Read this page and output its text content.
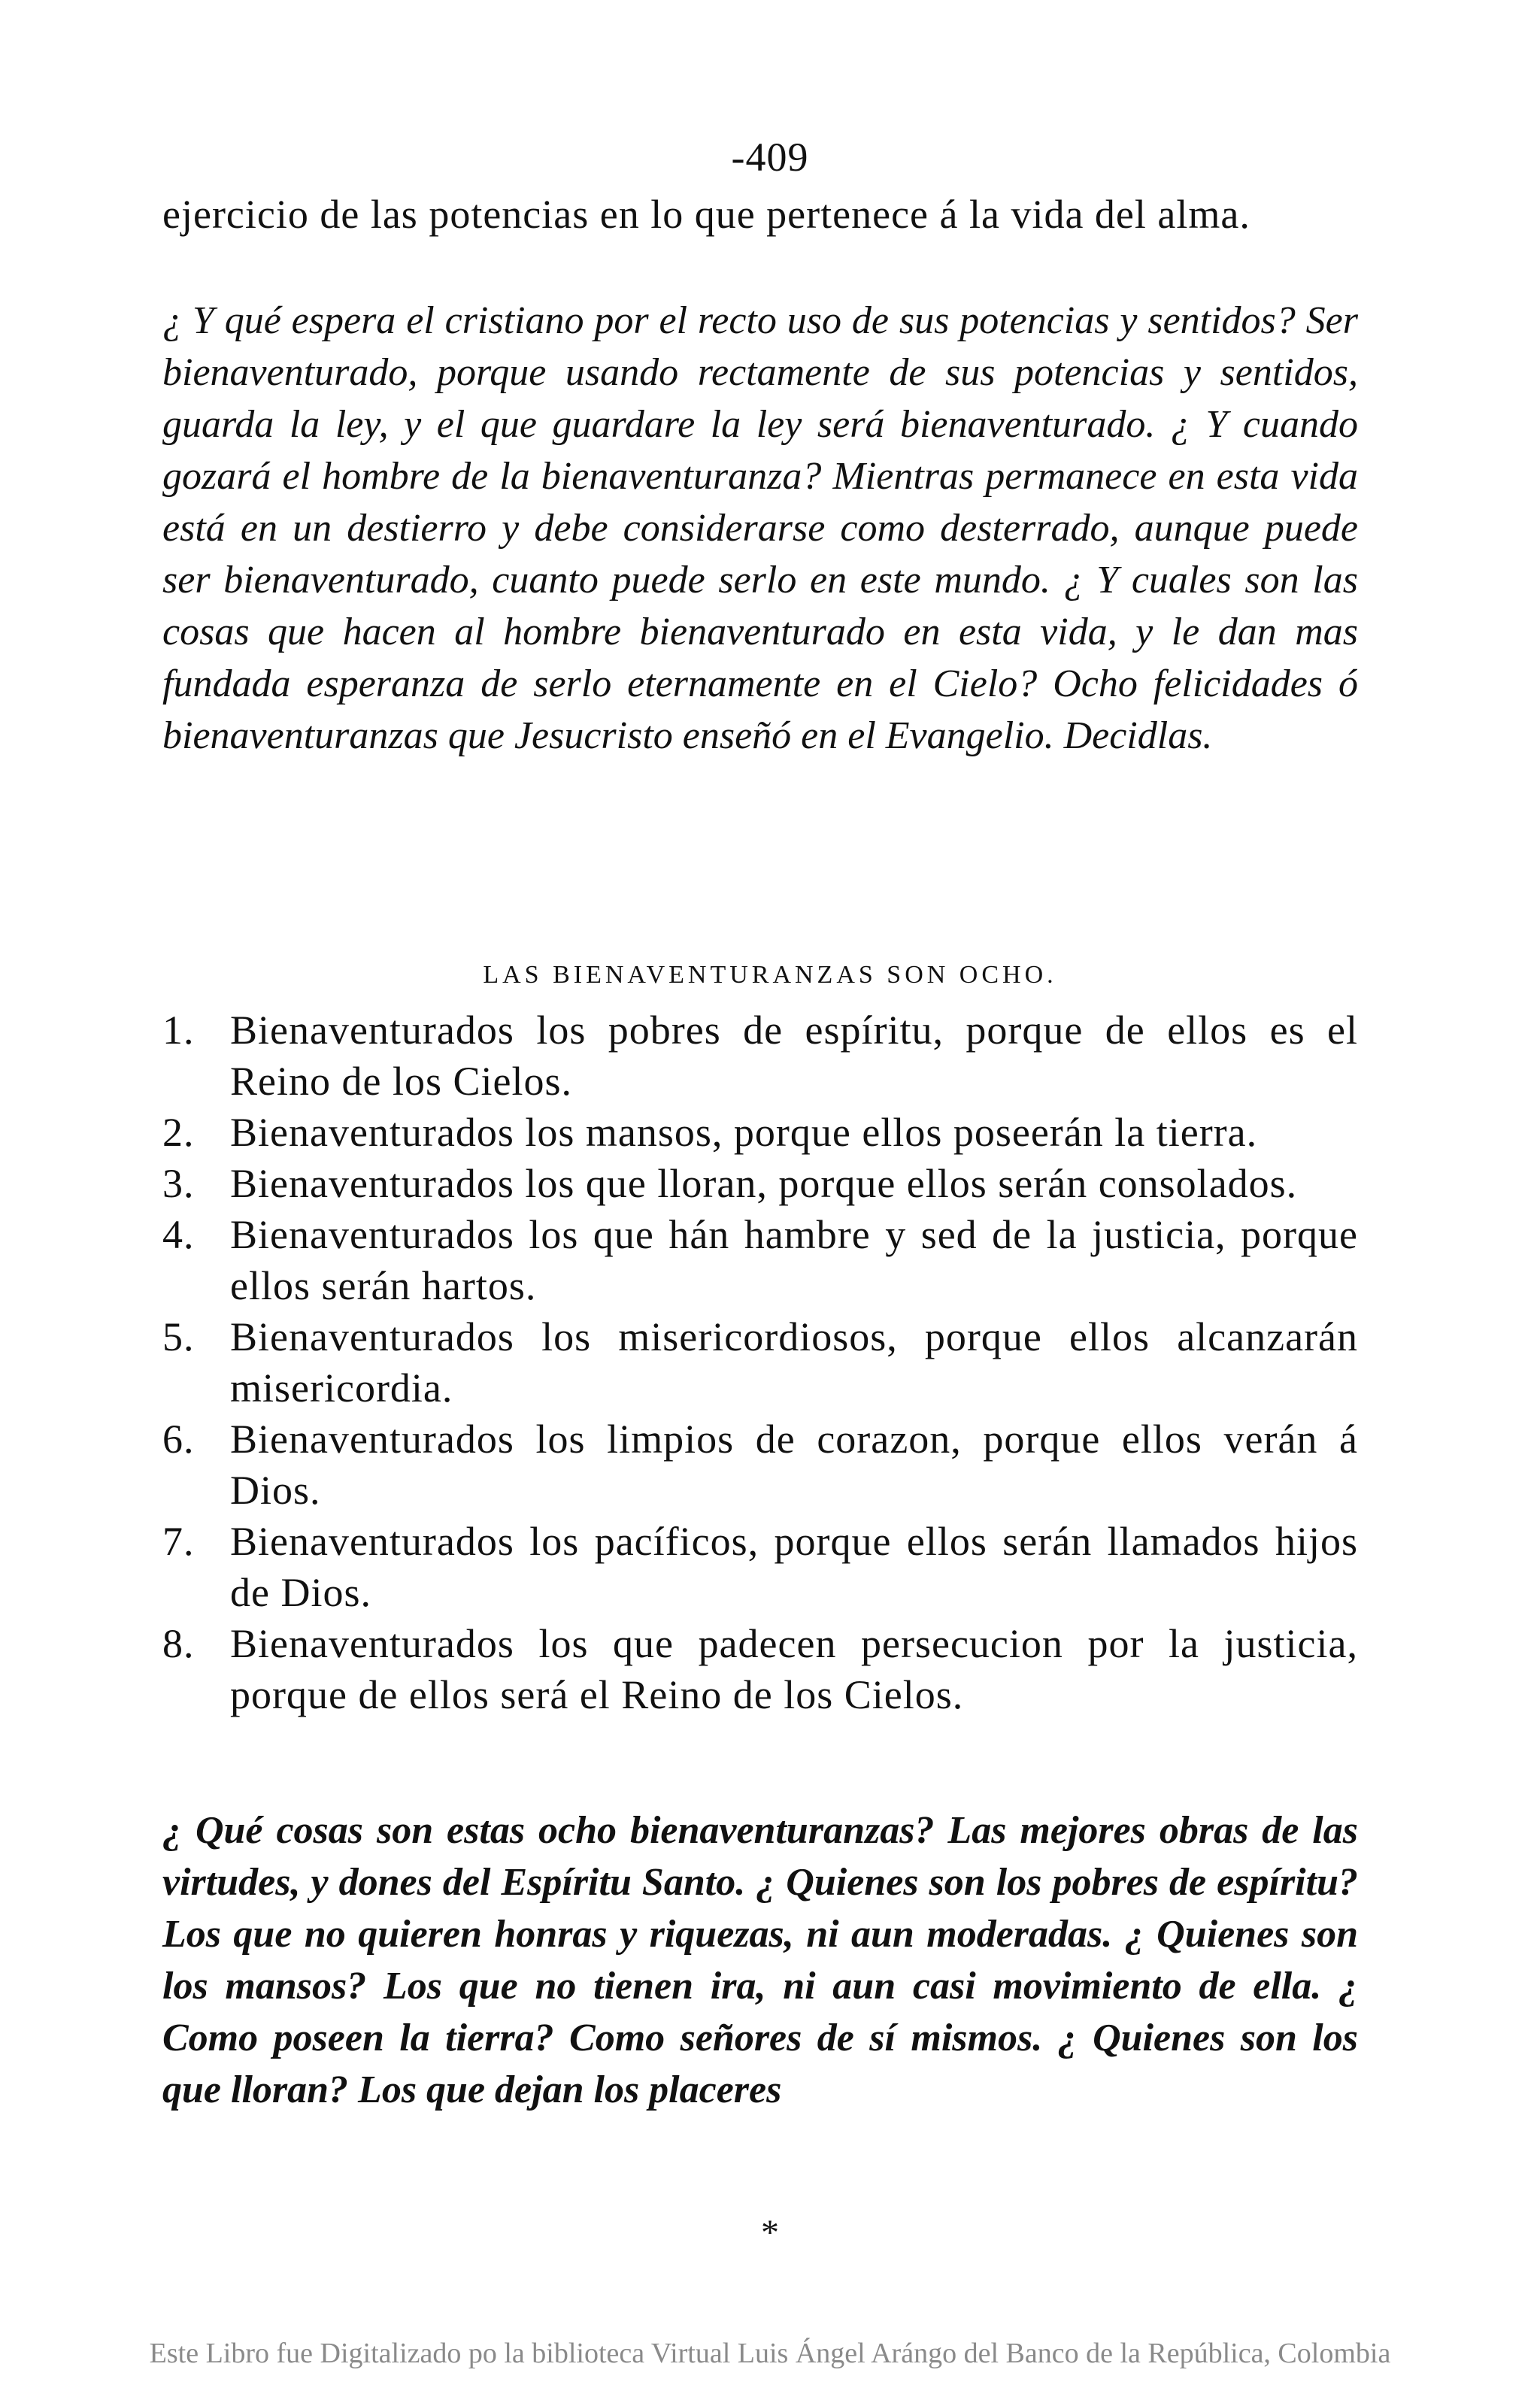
-409
ejercicio de las potencias en lo que pertenece á la vida del alma.
¿ Y qué espera el cristiano por el recto uso de sus potencias y sentidos? Ser bienaventurado, porque usando rectamente de sus potencias y sentidos, guarda la ley, y el que guardare la ley será bienaventurado. ¿ Y cuando gozará el hombre de la bienaventuranza? Mientras permanece en esta vida está en un destierro y debe considerarse como desterrado, aunque puede ser bienaventurado, cuanto puede serlo en este mundo. ¿ Y cuales son las cosas que hacen al hombre bienaventurado en esta vida, y le dan mas fundada esperanza de serlo eternamente en el Cielo? Ocho felicidades ó bienaventuranzas que Jesucristo enseñó en el Evangelio. Decidlas.
LAS BIENAVENTURANZAS SON OCHO.

1. Bienaventurados los pobres de espíritu, porque de ellos es el Reino de los Cielos.

2. Bienaventurados los mansos, porque ellos poseerán la tierra.

3. Bienaventurados los que lloran, porque ellos serán consolados.

4. Bienaventurados los que hán hambre y sed de la justicia, porque ellos serán hartos.

5. Bienaventurados los misericordiosos, porque ellos alcanzarán misericordia.

6. Bienaventurados los limpios de corazon, porque ellos verán á Dios.

7. Bienaventurados los pacíficos, porque ellos serán llamados hijos de Dios.

8. Bienaventurados los que padecen persecucion por la justicia, porque de ellos será el Reino de los Cielos.

¿ Qué cosas son estas ocho bienaventuranzas? Las mejores obras de las virtudes, y dones del Espíritu Santo. ¿ Quienes son los pobres de espíritu? Los que no quieren honras y riquezas, ni aun moderadas. ¿ Quienes son los mansos? Los que no tienen ira, ni aun casi movimiento de ella. ¿ Como poseen la tierra? Como señores de sí mismos. ¿ Quienes son los que lloran? Los que dejan los placeres
*
Este Libro fue Digitalizado po la biblioteca Virtual Luis Ángel Arángo del Banco de la República, Colombia
